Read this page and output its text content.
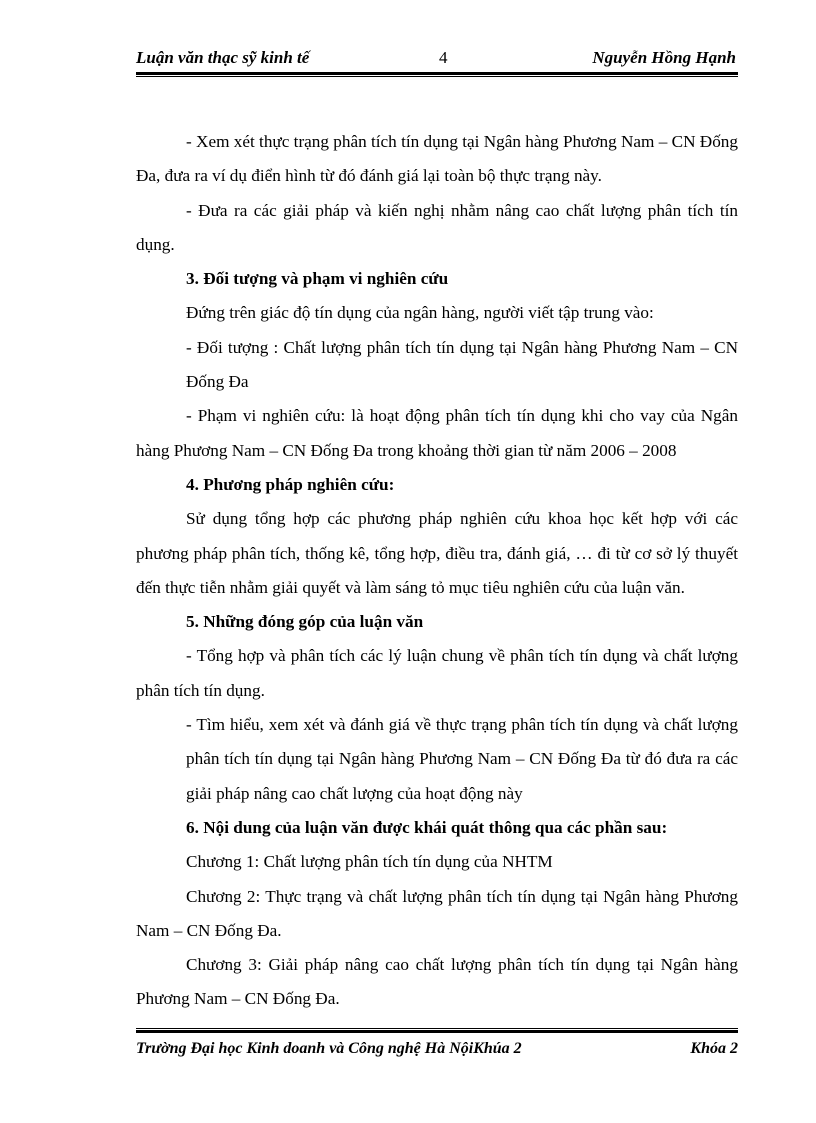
Luận văn thạc sỹ kinh tế	4	Nguyễn Hồng Hạnh

- Xem xét thực trạng phân tích tín dụng tại Ngân hàng Phương Nam – CN Đống Đa, đưa ra ví dụ điển hình từ đó đánh giá lại toàn bộ thực trạng này.

- Đưa ra các giải pháp và kiến nghị nhằm nâng cao chất lượng phân tích tín dụng.

3. Đối tượng và phạm vi nghiên cứu

Đứng trên giác độ tín dụng của ngân hàng, người viết tập trung vào:

- Đối tượng : Chất lượng phân tích tín dụng tại Ngân hàng Phương Nam – CN Đống Đa

- Phạm vi nghiên cứu: là hoạt động phân tích tín dụng khi cho vay của Ngân hàng Phương Nam – CN Đống Đa trong khoảng thời gian từ năm 2006 – 2008

4. Phương pháp nghiên cứu:

Sử dụng tổng hợp các phương pháp nghiên cứu khoa học kết hợp với các phương pháp phân tích, thống kê, tổng hợp, điều tra, đánh giá, … đi từ cơ sở lý thuyết đến thực tiễn nhằm giải quyết và làm sáng tỏ mục tiêu nghiên cứu của luận văn.

5. Những đóng góp của luận văn

- Tổng hợp và phân tích các lý luận chung về phân tích tín dụng và chất lượng phân tích tín dụng.

- Tìm hiểu, xem xét và đánh giá về thực trạng phân tích tín dụng và chất lượng phân tích tín dụng tại Ngân hàng Phương Nam – CN Đống Đa từ đó đưa ra các giải pháp nâng cao chất lượng của hoạt động này

6. Nội dung của luận văn được khái quát thông qua các phần sau:

Chương 1: Chất lượng phân tích tín dụng của NHTM

Chương 2: Thực trạng và chất lượng phân tích tín dụng tại Ngân hàng Phương Nam – CN Đống Đa.

Chương 3: Giải pháp nâng cao chất lượng phân tích tín dụng tại Ngân hàng Phương Nam – CN Đống Đa.

Trường Đại học Kinh doanh và Công nghệ Hà NộiKhúa 2	Khóa 2
